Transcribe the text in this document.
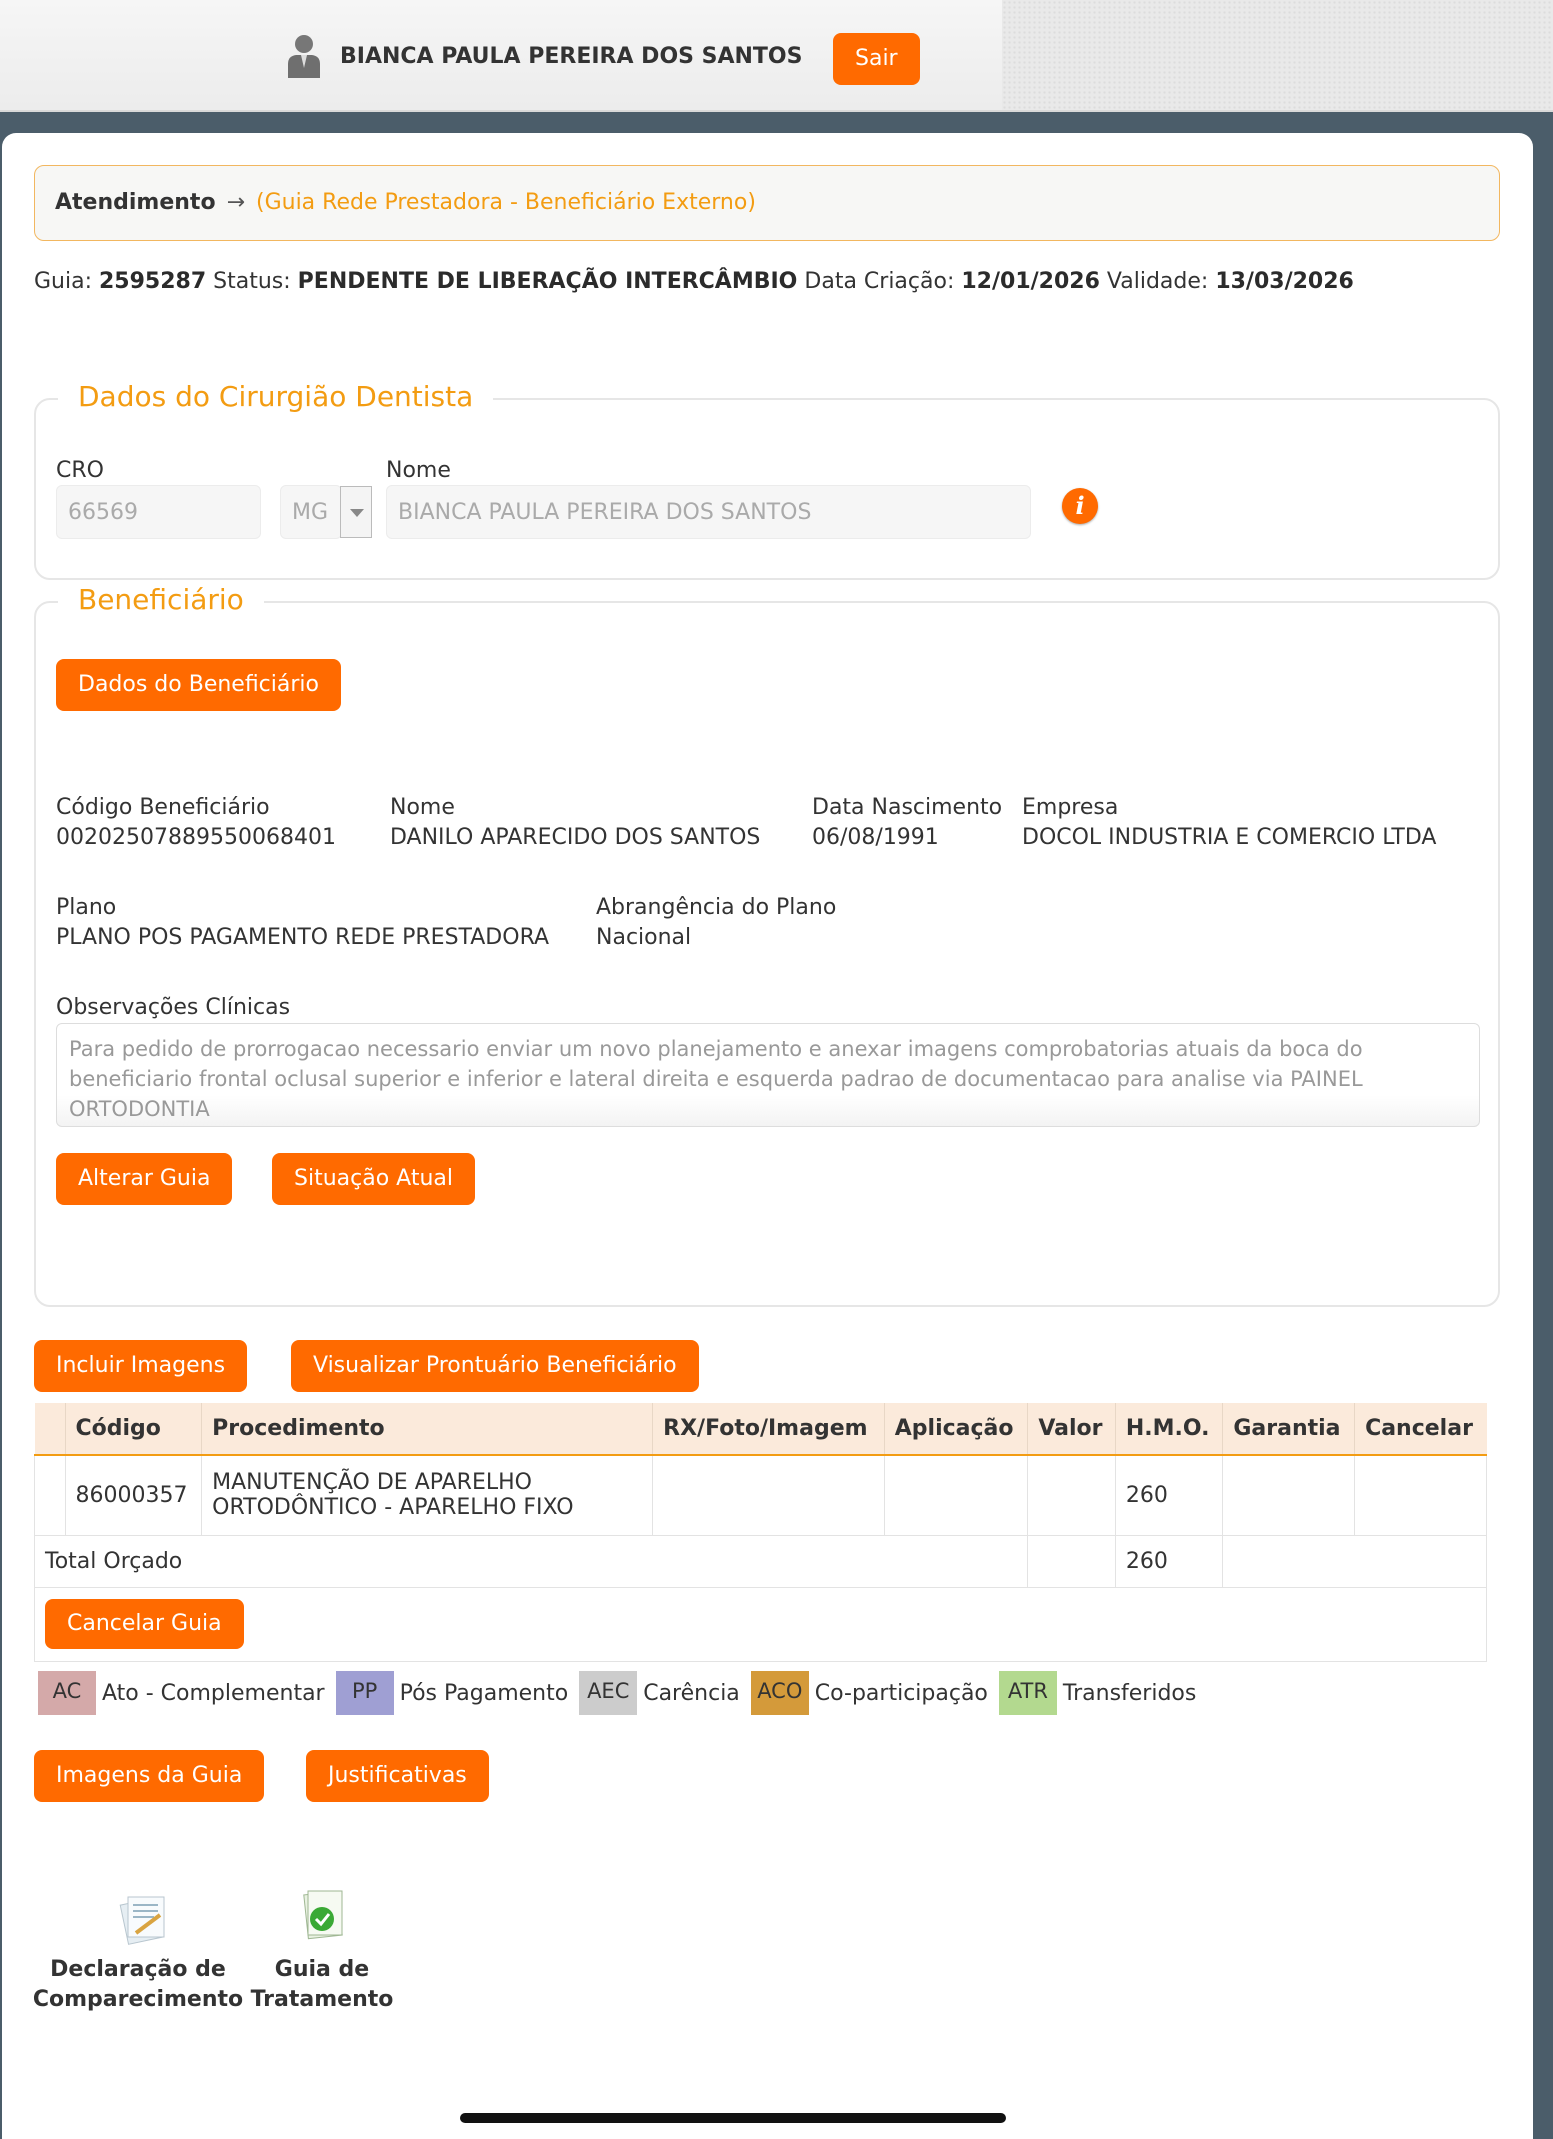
BIANCA PAULA PEREIRA DOS SANTOS	Sair
Atendimento → (Guia Rede Prestadora - Beneficiário Externo)
Guia: 2595287 Status: PENDENTE DE LIBERAÇÃO INTERCÂMBIO Data Criação: 12/01/2026 Validade: 13/03/2026
Dados do Cirurgião Dentista
CRO
66569	MG
Nome
BIANCA PAULA PEREIRA DOS SANTOS	i
Beneficiário
Dados do Beneficiário
Código Beneficiário
00202507889550068401
Nome
DANILO APARECIDO DOS SANTOS
Data Nascimento
06/08/1991
Empresa
DOCOL INDUSTRIA E COMERCIO LTDA
Plano
PLANO POS PAGAMENTO REDE PRESTADORA
Abrangência do Plano
Nacional
Observações Clínicas
Para pedido de prorrogacao necessario enviar um novo planejamento e anexar imagens comprobatorias atuais da boca do beneficiario frontal oclusal superior e inferior e lateral direita e esquerda padrao de documentacao para analise via PAINEL ORTODONTIA
Alterar Guia	Situação Atual
Incluir Imagens	Visualizar Prontuário Beneficiário
	Código	Procedimento	RX/Foto/Imagem	Aplicação	Valor	H.M.O.	Garantia	Cancelar
	86000357	MANUTENÇÃO DE APARELHO
ORTODÔNTICO - APARELHO FIXO				260		
Total Orçado						260		
Cancelar Guia								
AC Ato - Complementar PP Pós Pagamento AEC Carência ACO Co-participação ATR Transferidos
Imagens da Guia	Justificativas
Declaração de
Comparecimento
Guia de
Tratamento
